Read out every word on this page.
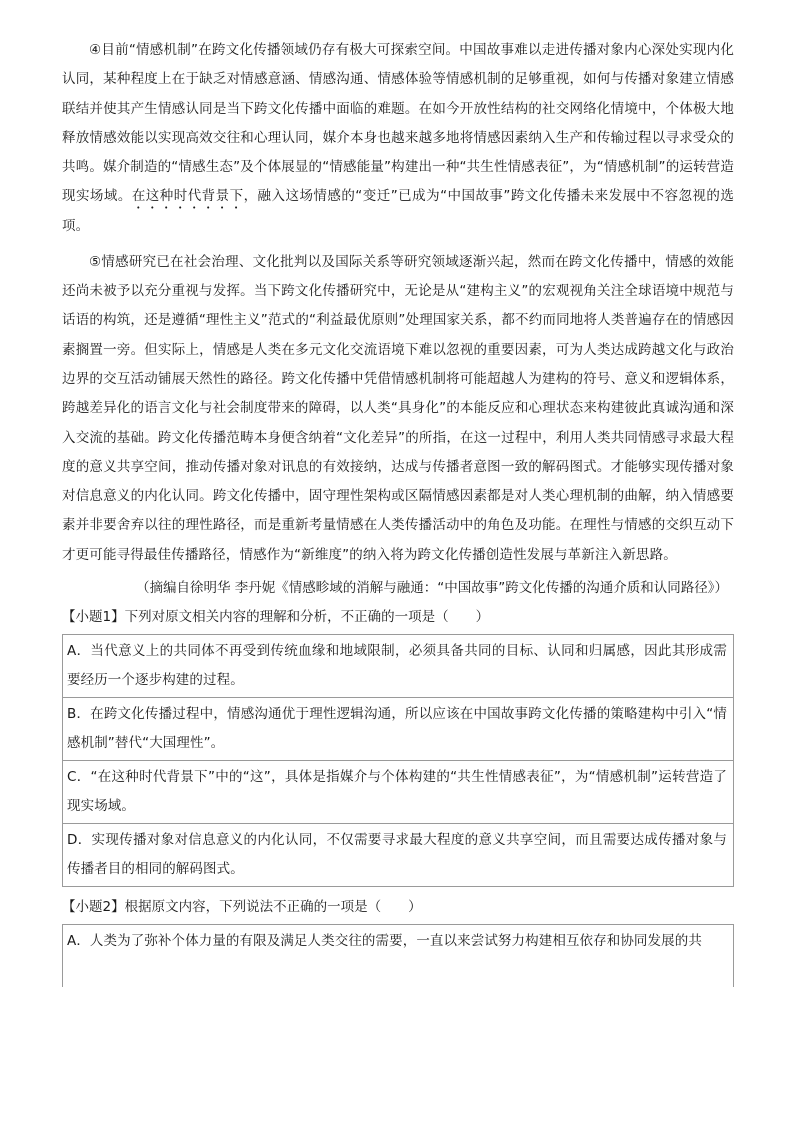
④目前“情感机制”在跨文化传播领域仍存有极大可探索空间。中国故事难以走进传播对象内心深处实现内化认同，某种程度上在于缺乏对情感意涵、情感沟通、情感体验等情感机制的足够重视，如何与传播对象建立情感联结并使其产生情感认同是当下跨文化传播中面临的难题。在如今开放性结构的社交网络化情境中，个体极大地释放情感效能以实现高效交往和心理认同，媒介本身也越来越多地将情感因素纳入生产和传输过程以寻求受众的共鸣。媒介制造的“情感生态”及个体展显的“情感能量”构建出一种“共生性情感表征”，为“情感机制”的运转营造现实场域。在这种时代背景下，融入这场情感的“变迁”已成为“中国故事”跨文化传播未来发展中不容忽视的选项。

⑤情感研究已在社会治理、文化批判以及国际关系等研究领域逐渐兴起，然而在跨文化传播中，情感的效能还尚未被予以充分重视与发挥。当下跨文化传播研究中，无论是从“建构主义”的宏观视角关注全球语境中规范与话语的构筑，还是遵循“理性主义”范式的“利益最优原则”处理国家关系，都不约而同地将人类普遍存在的情感因素搁置一旁。但实际上，情感是人类在多元文化交流语境下难以忽视的重要因素，可为人类达成跨越文化与政治边界的交互活动铺展天然性的路径。跨文化传播中凭借情感机制将可能超越人为建构的符号、意义和逻辑体系，跨越差异化的语言文化与社会制度带来的障碍，以人类“具身化”的本能反应和心理状态来构建彼此真诚沟通和深入交流的基础。跨文化传播范畴本身便含纳着“文化差异”的所指，在这一过程中，利用人类共同情感寻求最大程度的意义共享空间，推动传播对象对讯息的有效接纳，达成与传播者意图一致的解码图式。才能够实现传播对象对信息意义的内化认同。跨文化传播中，固守理性架构或区隔情感因素都是对人类心理机制的曲解，纳入情感要素并非要舍弃以往的理性路径，而是重新考量情感在人类传播活动中的角色及功能。在理性与情感的交织互动下才更可能寻得最佳传播路径，情感作为“新维度”的纳入将为跨文化传播创造性发展与革新注入新思路。

（摘编自徐明华 李丹妮《情感畛域的消解与融通：“中国故事”跨文化传播的沟通介质和认同路径》）

【小题1】下列对原文相关内容的理解和分析，不正确的一项是（　　）

A．当代意义上的共同体不再受到传统血缘和地域限制，必须具备共同的目标、认同和归属感，因此其形成需要经历一个逐步构建的过程。
B．在跨文化传播过程中，情感沟通优于理性逻辑沟通，所以应该在中国故事跨文化传播的策略建构中引入“情感机制”替代“大国理性”。
C．“在这种时代背景下”中的“这”，具体是指媒介与个体构建的“共生性情感表征”，为“情感机制”运转营造了现实场域。
D．实现传播对象对信息意义的内化认同，不仅需要寻求最大程度的意义共享空间，而且需要达成传播对象与传播者目的相同的解码图式。

【小题2】根据原文内容，下列说法不正确的一项是（　　）

A．人类为了弥补个体力量的有限及满足人类交往的需要，一直以来尝试努力构建相互依存和协同发展的共
